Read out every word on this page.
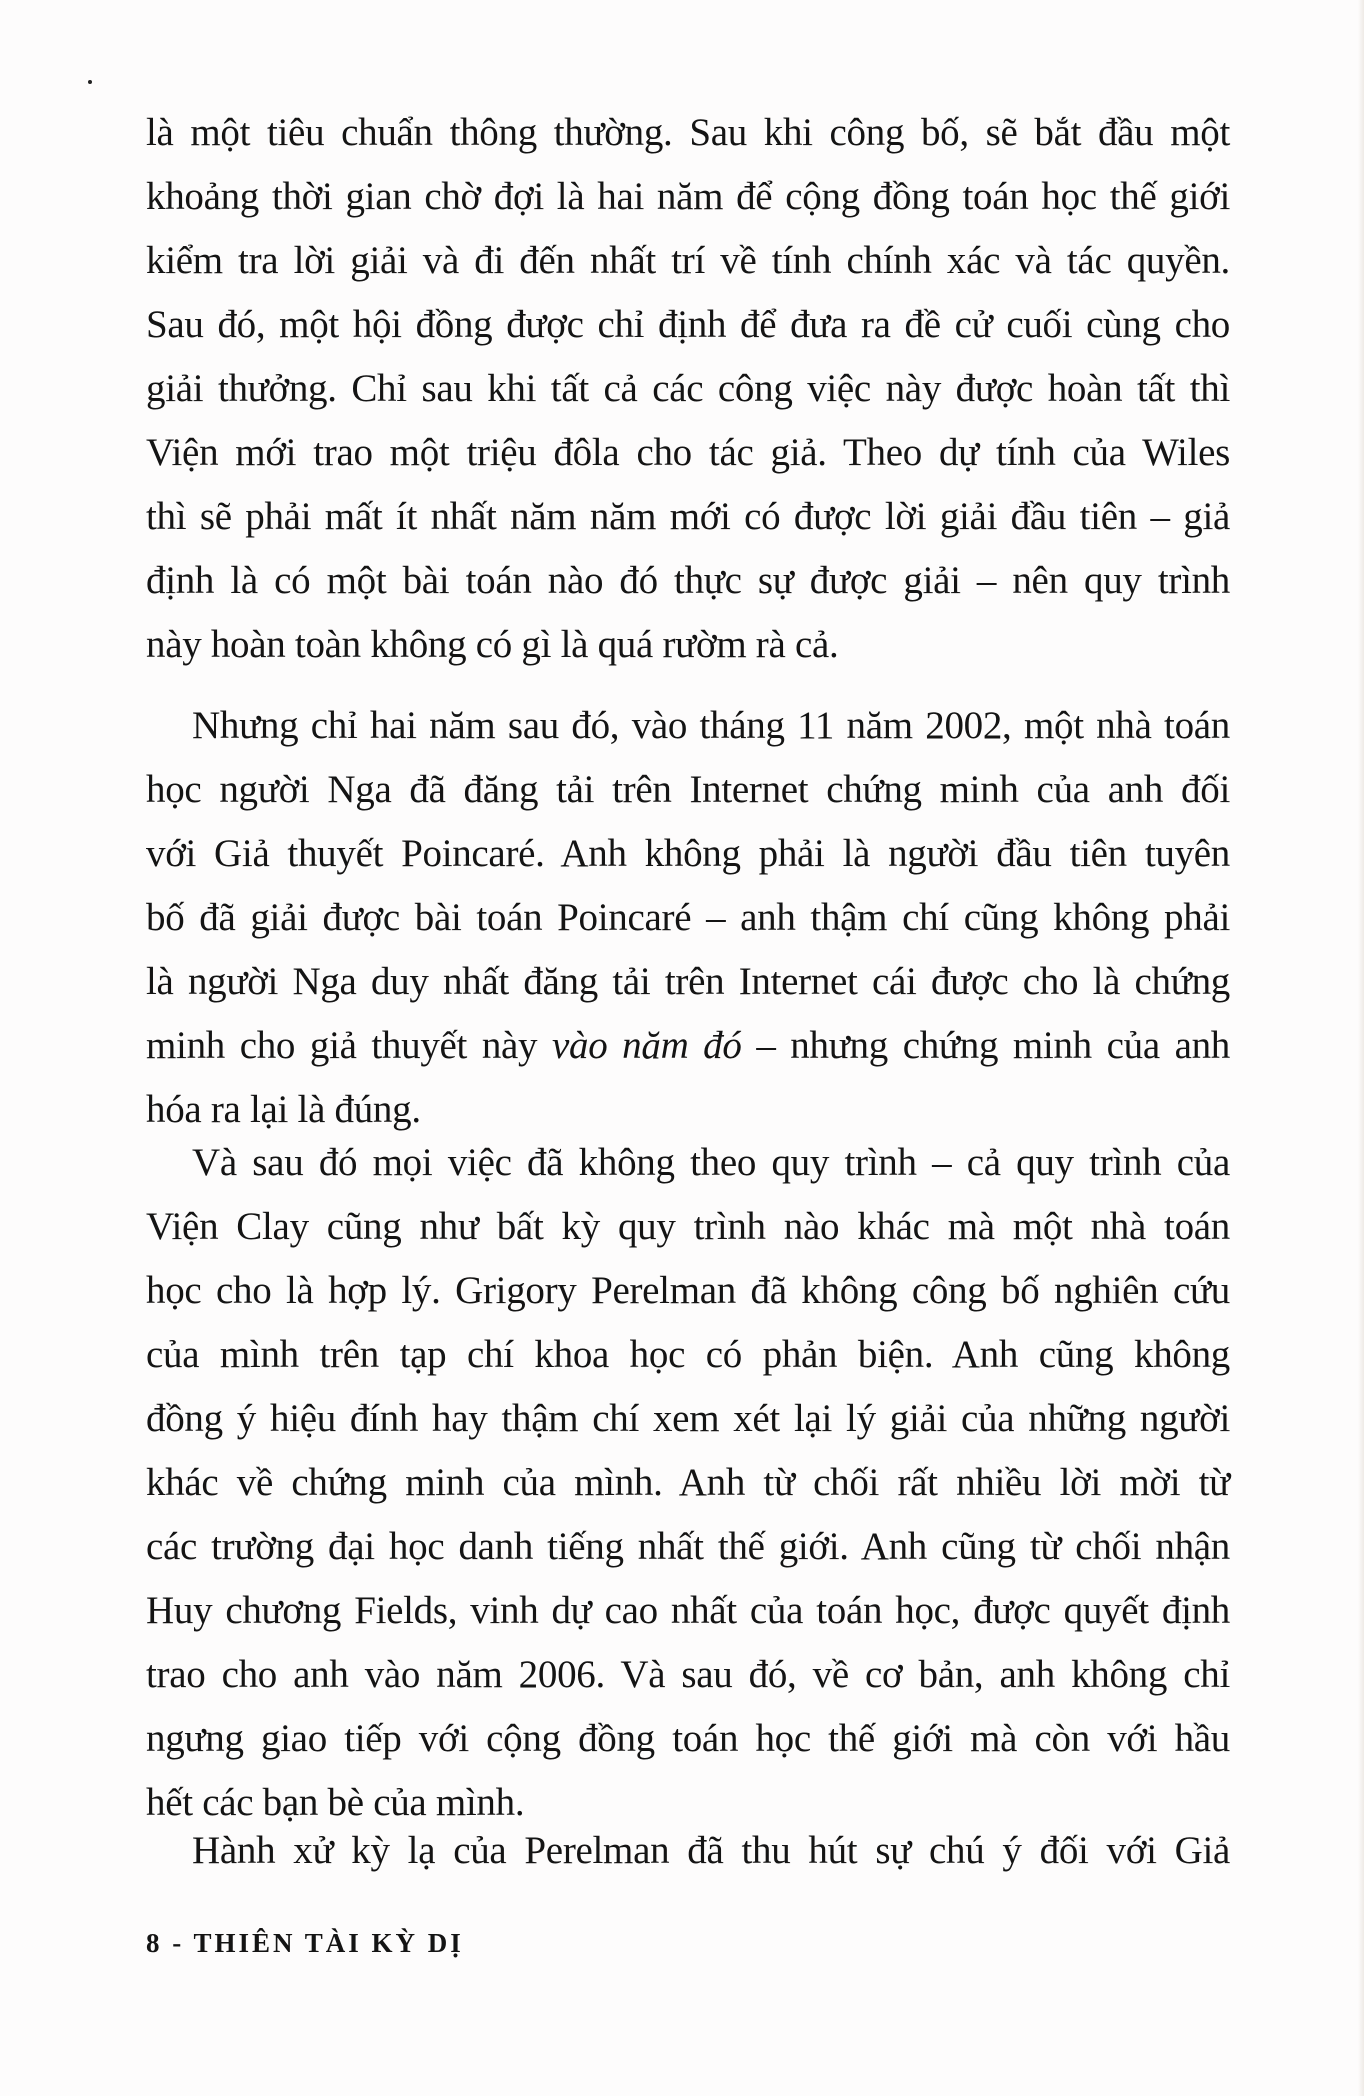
là một tiêu chuẩn thông thường. Sau khi công bố, sẽ bắt đầu một
khoảng thời gian chờ đợi là hai năm để cộng đồng toán học thế giới
kiểm tra lời giải và đi đến nhất trí về tính chính xác và tác quyền.
Sau đó, một hội đồng được chỉ định để đưa ra đề cử cuối cùng cho
giải thưởng. Chỉ sau khi tất cả các công việc này được hoàn tất thì
Viện mới trao một triệu đôla cho tác giả. Theo dự tính của Wiles
thì sẽ phải mất ít nhất năm năm mới có được lời giải đầu tiên – giả
định là có một bài toán nào đó thực sự được giải – nên quy trình
này hoàn toàn không có gì là quá rườm rà cả.
Nhưng chỉ hai năm sau đó, vào tháng 11 năm 2002, một nhà toán
học người Nga đã đăng tải trên Internet chứng minh của anh đối
với Giả thuyết Poincaré. Anh không phải là người đầu tiên tuyên
bố đã giải được bài toán Poincaré – anh thậm chí cũng không phải
là người Nga duy nhất đăng tải trên Internet cái được cho là chứng
minh cho giả thuyết này vào năm đó – nhưng chứng minh của anh
hóa ra lại là đúng.
Và sau đó mọi việc đã không theo quy trình – cả quy trình của
Viện Clay cũng như bất kỳ quy trình nào khác mà một nhà toán
học cho là hợp lý. Grigory Perelman đã không công bố nghiên cứu
của mình trên tạp chí khoa học có phản biện. Anh cũng không
đồng ý hiệu đính hay thậm chí xem xét lại lý giải của những người
khác về chứng minh của mình. Anh từ chối rất nhiều lời mời từ
các trường đại học danh tiếng nhất thế giới. Anh cũng từ chối nhận
Huy chương Fields, vinh dự cao nhất của toán học, được quyết định
trao cho anh vào năm 2006. Và sau đó, về cơ bản, anh không chỉ
ngưng giao tiếp với cộng đồng toán học thế giới mà còn với hầu
hết các bạn bè của mình.
Hành xử kỳ lạ của Perelman đã thu hút sự chú ý đối với Giả
8 - THIÊN TÀI KỲ DỊ
